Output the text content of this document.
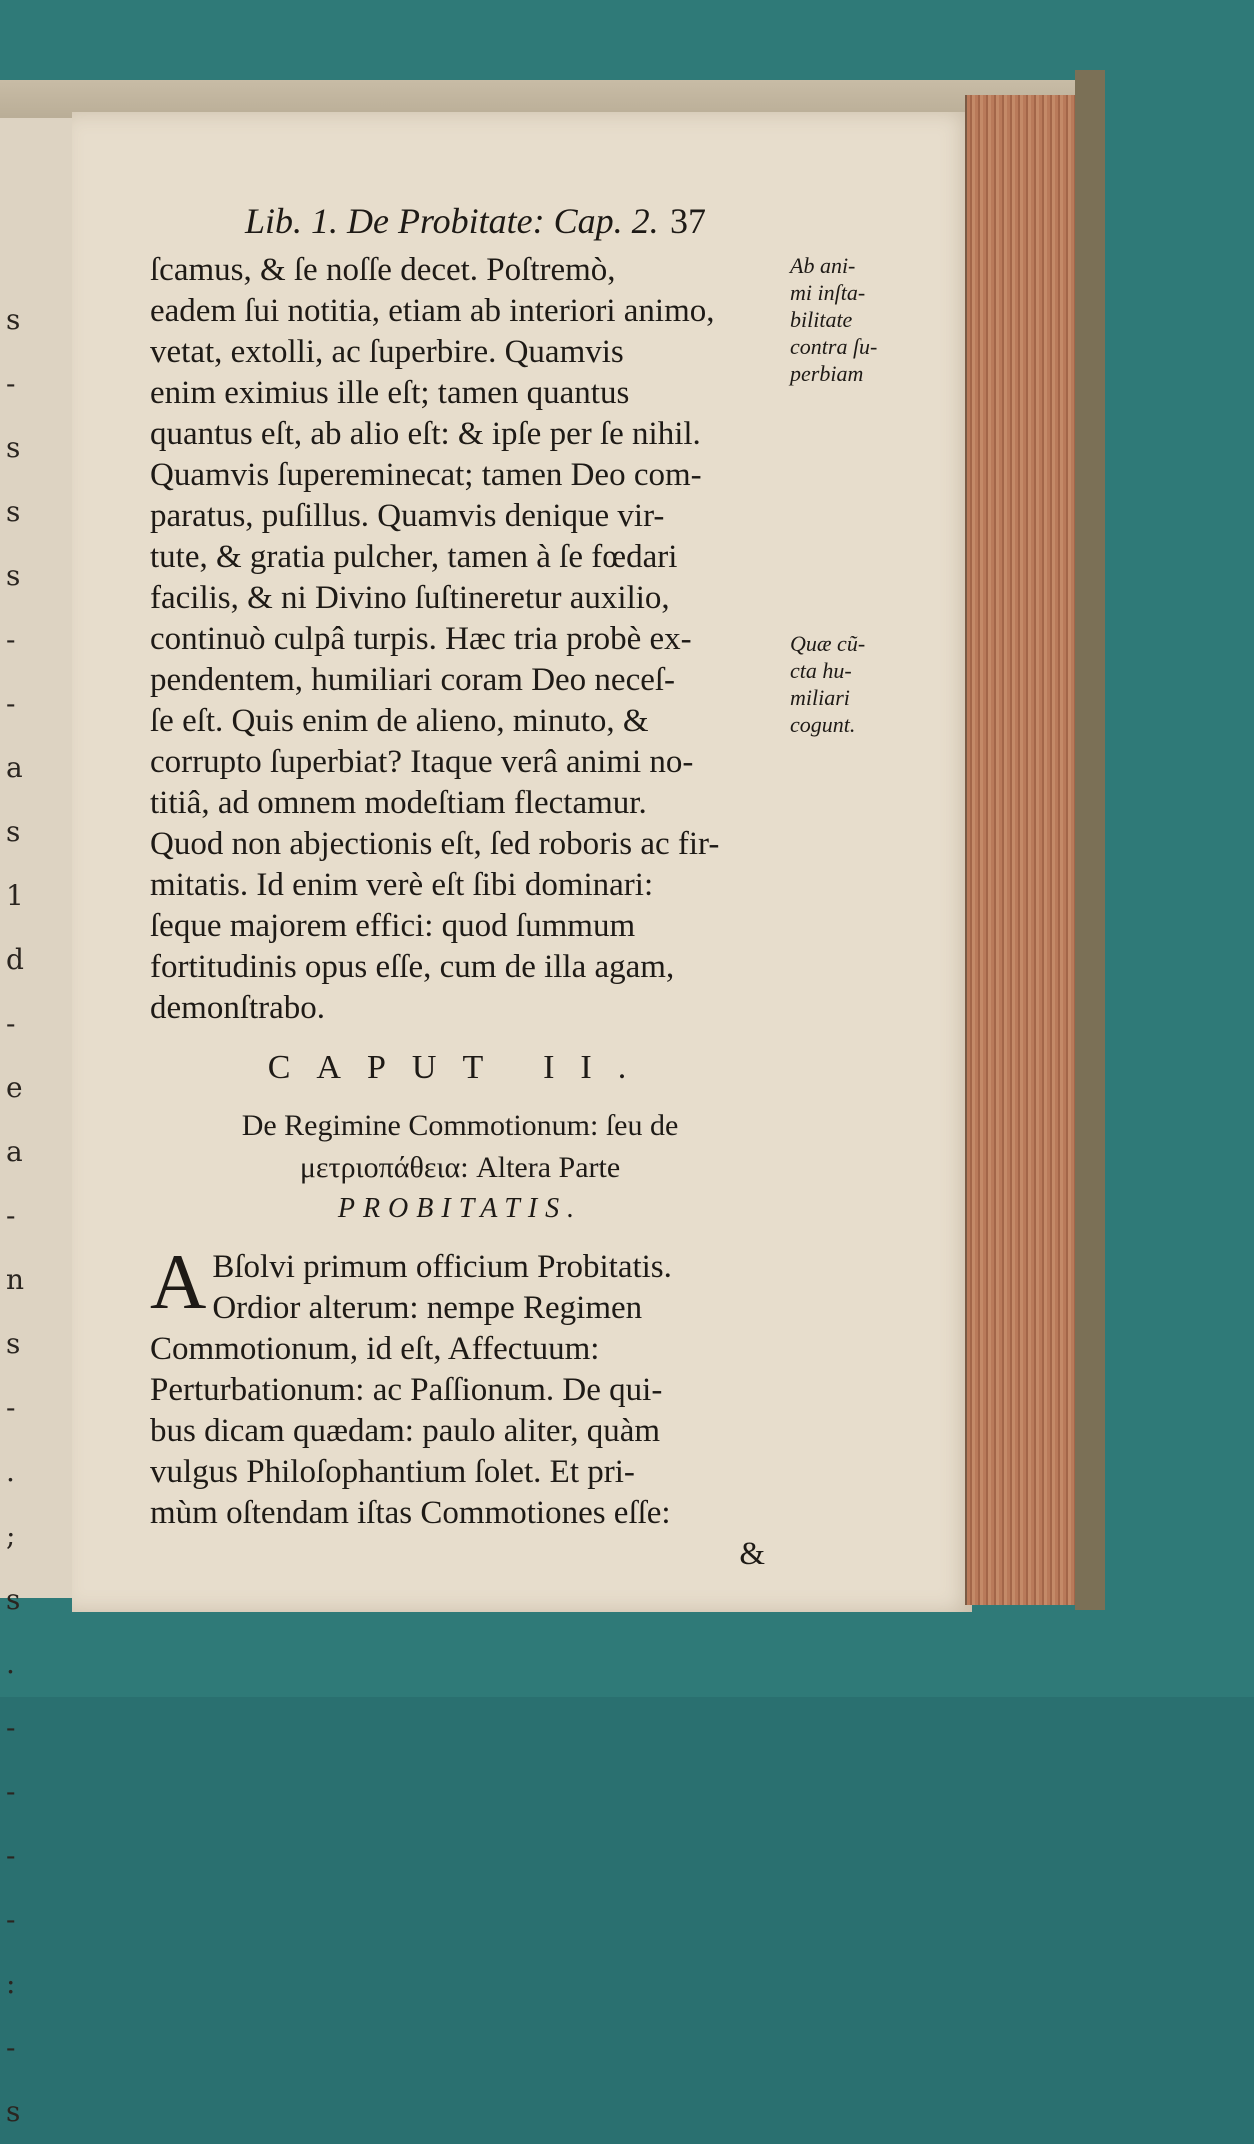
s
-
s
s
s
-
-
a
s
1
d
-
e
a
-
n
s
-
.
;
s
.
-
-
-
-
:
-
s
Lib. 1. De Probitate: Cap. 2. 37
ſcamus, & ſe noſſe decet. Poſtremò,
eadem ſui notitia, etiam ab interiori animo,
vetat, extolli, ac ſuperbire. Quamvis
enim eximius ille eſt; tamen quantus
quantus eſt, ab alio eſt: & ipſe per ſe nihil.
Quamvis ſupereminecat; tamen Deo com-
paratus, puſillus. Quamvis denique vir-
tute, & gratia pulcher, tamen à ſe fœdari
facilis, & ni Divino ſuſtineretur auxilio,
continuò culpâ turpis. Hæc tria probè ex-
pendentem, humiliari coram Deo neceſ-
ſe eſt. Quis enim de alieno, minuto, &
corrupto ſuperbiat? Itaque verâ animi no-
titiâ, ad omnem modeſtiam flectamur.
Quod non abjectionis eſt, ſed roboris ac fir-
mitatis. Id enim verè eſt ſibi dominari:
ſeque majorem effici: quod ſummum
fortitudinis opus eſſe, cum de illa agam,
demonſtrabo.
CAPUT II.
De Regimine Commotionum: ſeu de
μετριοπάθεια: Altera Parte
PROBITATIS.
A Bſolvi primum officium Probitatis.
Ordior alterum: nempe Regimen
Commotionum, id eſt, Affectuum:
Perturbationum: ac Paſſionum. De qui-
bus dicam quædam: paulo aliter, quàm
vulgus Philoſophantium ſolet. Et pri-
mùm oſtendam iſtas Commotiones eſſe:
&
Ab ani-
mi inſta-
bilitate
contra ſu-
perbiam
Quæ cũ-
cta hu-
miliari
cogunt.
